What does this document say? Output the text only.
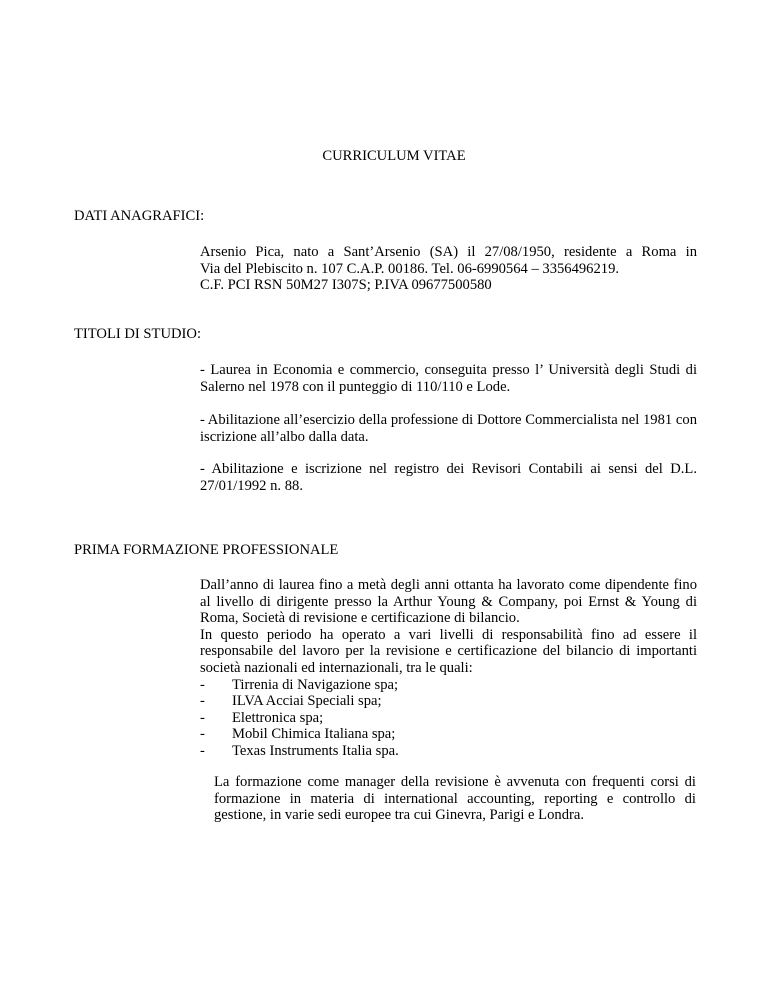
CURRICULUM VITAE
DATI ANAGRAFICI:
Arsenio Pica, nato a Sant’Arsenio (SA) il 27/08/1950, residente a Roma in
Via del Plebiscito n. 107 C.A.P. 00186. Tel. 06-6990564 – 3356496219.
C.F. PCI RSN 50M27 I307S; P.IVA 09677500580
TITOLI DI STUDIO:

- Laurea in Economia e commercio, conseguita presso l’ Università degli Studi di Salerno nel 1978 con il punteggio di 110/110 e Lode.

- Abilitazione all’esercizio della professione di Dottore Commercialista nel 1981 con iscrizione all’albo dalla data.

- Abilitazione e iscrizione nel registro dei Revisori Contabili ai sensi del D.L. 27/01/1992 n. 88.

PRIMA FORMAZIONE PROFESSIONALE

Dall’anno di laurea fino a metà degli anni ottanta ha lavorato come dipendente fino al livello di dirigente presso la Arthur Young & Company, poi Ernst & Young di Roma, Società di revisione e certificazione di bilancio.

In questo periodo ha operato a vari livelli di responsabilità fino ad essere il responsabile del lavoro per la revisione e certificazione del bilancio di importanti società nazionali ed internazionali, tra le quali:

- Tirrenia di Navigazione spa;
- ILVA Acciai Speciali spa;
- Elettronica spa;
- Mobil Chimica Italiana spa;
- Texas Instruments Italia spa.

La formazione come manager della revisione è avvenuta con frequenti corsi di formazione in materia di international accounting, reporting e controllo di gestione, in varie sedi europee tra cui Ginevra, Parigi e Londra.
